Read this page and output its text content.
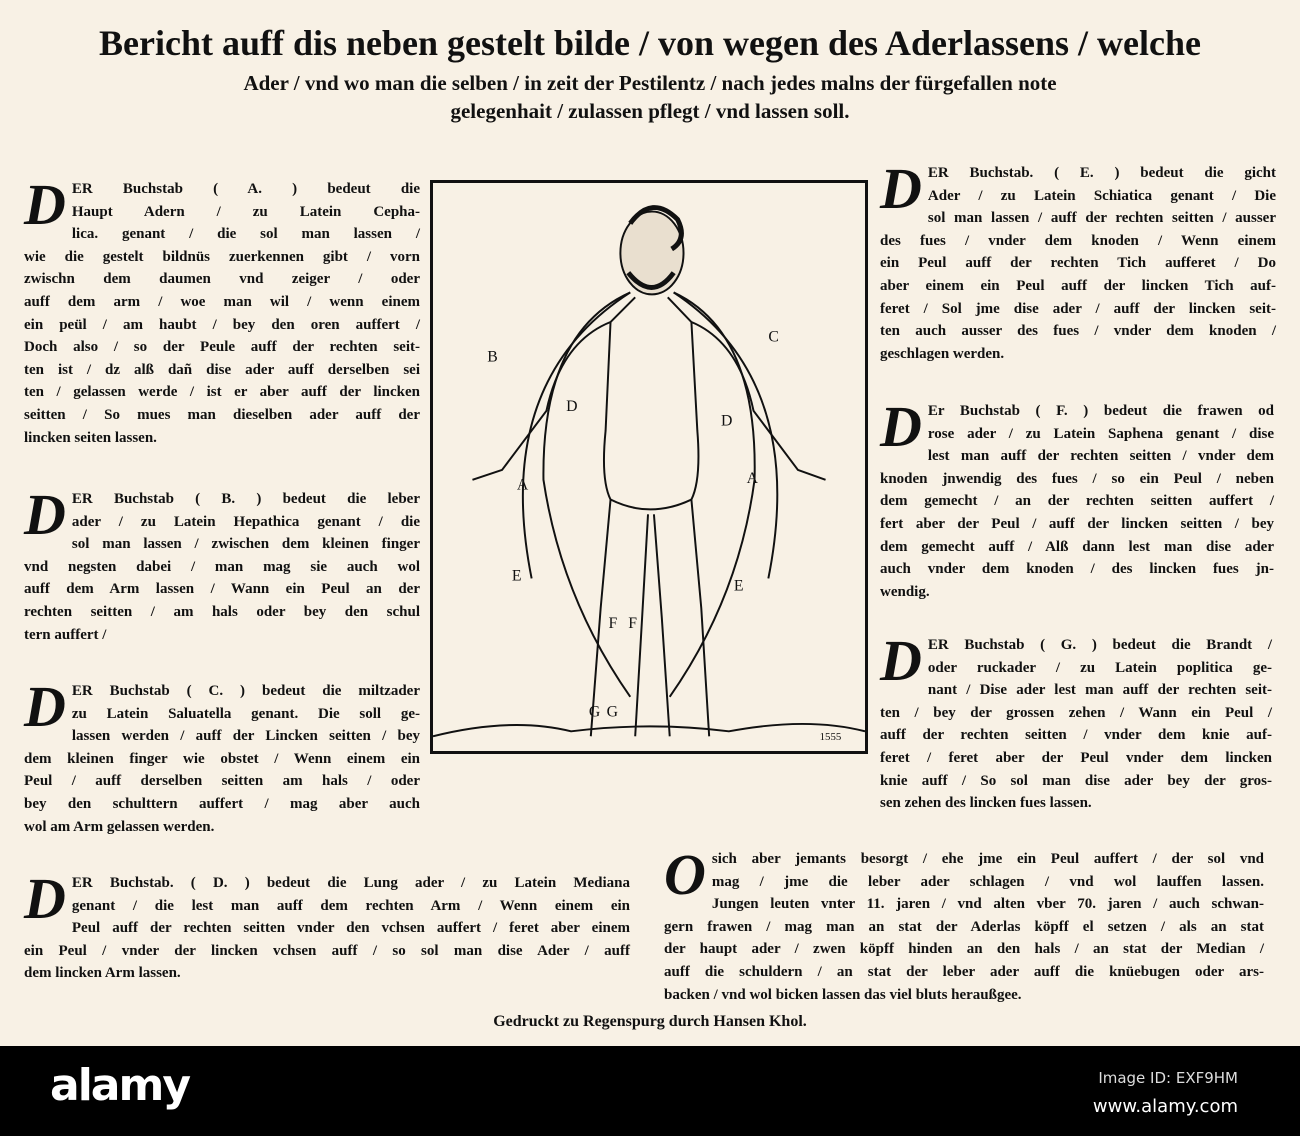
Bericht auff dis neben gestelt bilde / von wegen des Aderlassens / welche
Ader / vnd wo man die selben / in zeit der Pestilentz / nach jedes malns der fürgefallen note
gelegenhait / zulassen pflegt / vnd lassen soll.
D ER Buchstab ( A. ) bedeut die
Haupt Adern / zu Latein Cepha-
lica. genant / die sol man lassen /
wie die gestelt bildnüs zuerkennen gibt / vorn
zwischn dem daumen vnd zeiger / oder
auff dem arm / woe man wil / wenn einem
ein peül / am haubt / bey den oren auffert /
Doch also / so der Peule auff der rechten seit-
ten ist / dz alß dañ dise ader auff derselben sei
ten / gelassen werde / ist er aber auff der lincken
seitten / So mues man dieselben ader auff der
lincken seiten lassen.
D ER Buchstab ( B. ) bedeut die leber
ader / zu Latein Hepathica genant / die
sol man lassen / zwischen dem kleinen finger
vnd negsten dabei / man mag sie auch wol
auff dem Arm lassen / Wann ein Peul an der
rechten seitten / am hals oder bey den schul
tern auffert /
D ER Buchstab ( C. ) bedeut die miltzader
zu Latein Saluatella genant. Die soll ge-
lassen werden / auff der Lincken seitten / bey
dem kleinen finger wie obstet / Wenn einem ein
Peul / auff derselben seitten am hals / oder
bey den schulttern auffert / mag aber auch
wol am Arm gelassen werden.
D ER Buchstab. ( D. ) bedeut die Lung ader / zu Latein Mediana
genant / die lest man auff dem rechten Arm / Wenn einem ein
Peul auff der rechten seitten vnder den vchsen auffert / feret aber einem
ein Peul / vnder der lincken vchsen auff / so sol man dise Ader / auff
dem lincken Arm lassen.
D ER Buchstab. ( E. ) bedeut die gicht
Ader / zu Latein Schiatica genant / Die
sol man lassen / auff der rechten seitten / ausser
des fues / vnder dem knoden / Wenn einem
ein Peul auff der rechten Tich aufferet / Do
aber einem ein Peul auff der lincken Tich auf-
feret / Sol jme dise ader / auff der lincken seit-
ten auch ausser des fues / vnder dem knoden /
geschlagen werden.
D Er Buchstab ( F. ) bedeut die frawen od
rose ader / zu Latein Saphena genant / dise
lest man auff der rechten seitten / vnder dem
knoden jnwendig des fues / so ein Peul / neben
dem gemecht / an der rechten seitten auffert /
fert aber der Peul / auff der lincken seitten / bey
dem gemecht auff / Alß dann lest man dise ader
auch vnder dem knoden / des lincken fues jn-
wendig.
D ER Buchstab ( G. ) bedeut die Brandt /
oder ruckader / zu Latein poplitica ge-
nant / Dise ader lest man auff der rechten seit-
ten / bey der grossen zehen / Wann ein Peul /
auff der rechten seitten / vnder dem knie auf-
feret / feret aber der Peul vnder dem lincken
knie auff / So sol man dise ader bey der gros-
sen zehen des lincken fues lassen.
O sich aber jemants besorgt / ehe jme ein Peul auffert / der sol vnd
mag / jme die leber ader schlagen / vnd wol lauffen lassen.
Jungen leuten vnter 11. jaren / vnd alten vber 70. jaren / auch schwan-
gern frawen / mag man an stat der Aderlas köpff el setzen / als an stat
der haupt ader / zwen köpff hinden an den hals / an stat der Median /
auff die schuldern / an stat der leber ader auff die knüebugen oder ars-
backen / vnd wol bicken lassen das viel bluts heraußgee.
B
C
D
D
A	A
E
E
F F
G G
1555
Gedruckt zu Regenspurg durch Hansen Khol.
alamy	Image ID: EXF9HM
www.alamy.com
